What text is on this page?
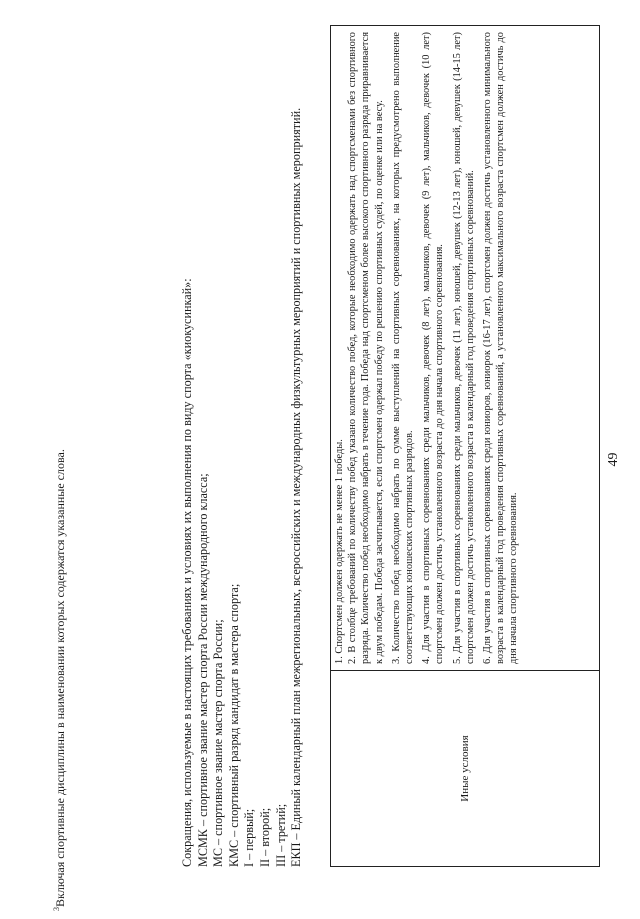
49
Иные условия

1. Спортсмен должен одержать не менее 1 победы. 2. В столбце требований по количеству побед указано количество побед, которые необходимо одержать над спортсменами без спортивного разряда. Количество побед необходимо набрать в течение года. Победа над спортсменом более высокого спортивного разряда приравнивается к двум победам. Победа засчитывается, если спортсмен одержал победу по решению спортивных судей, по оценке или на весу. 3. Количество побед необходимо набрать по сумме выступлений на спортивных соревнованиях, на которых предусмотрено выполнение соответствующих юношеских спортивных разрядов. 4. Для участия в спортивных соревнованиях среди мальчиков, девочек (8 лет), мальчиков, девочек (9 лет), мальчиков, девочек (10 лет) спортсмен должен достичь установленного возраста до дня начала спортивного соревнования. 5. Для участия в спортивных соревнованиях среди мальчиков, девочек (11 лет), юношей, девушек (12-13 лет), юношей, девушек (14-15 лет) спортсмен должен достичь установленного возраста в календарный год проведения спортивных соревнований. 6. Для участия в спортивных соревнованиях среди юниоров, юниорок (16-17 лет), спортсмен должен достичь установленного минимального возраста в календарный год проведения спортивных соревнований, а установленного максимального возраста спортсмен должен достичь до дня начала спортивного соревнования.

Сокращения, используемые в настоящих требованиях и условиях их выполнения по виду спорта «киокусинкай»: МСМК – спортивное звание мастер спорта России международного класса; МС – спортивное звание мастер спорта России; КМС – спортивный разряд кандидат в мастера спорта; I – первый; II – второй; III – третий; ЕКП – Единый календарный план межрегиональных, всероссийских и международных физкультурных мероприятий и спортивных мероприятий.

$^3$Включая спортивные дисциплины в наименовании которых содержатся указанные слова.
